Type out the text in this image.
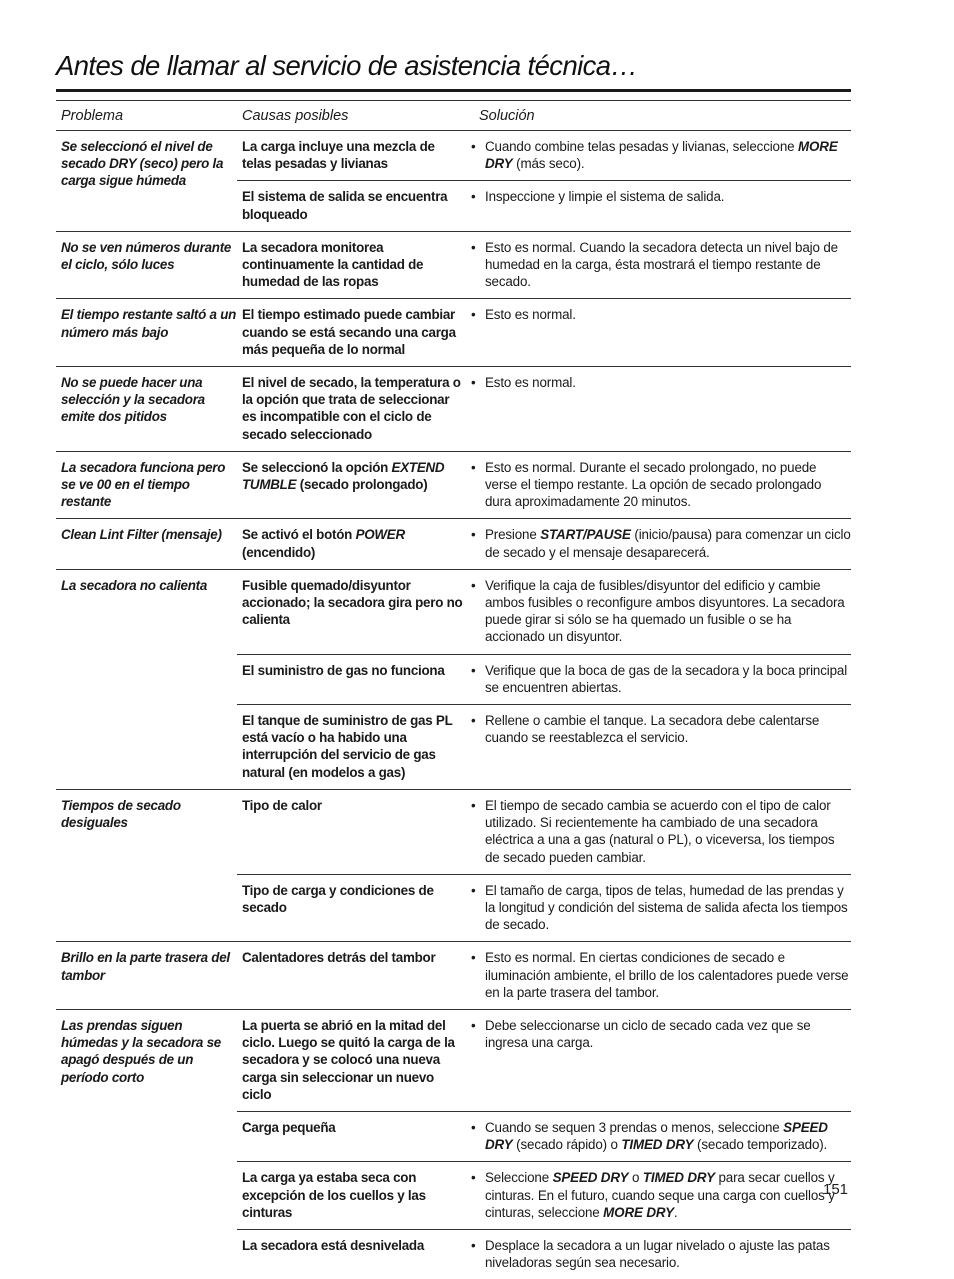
Antes de llamar al servicio de asistencia técnica…
Problema	Causas posibles	Solución
Se seleccionó el nivel de secado DRY (seco) pero la carga sigue húmeda	La carga incluye una mezcla de telas pesadas y livianas	• Cuando combine telas pesadas y livianas, seleccione MORE DRY (más seco).

	El sistema de salida se encuentra bloqueado	• Inspeccione y limpie el sistema de salida.

No se ven números durante el ciclo, sólo luces	La secadora monitorea continuamente la cantidad de humedad de las ropas	• Esto es normal. Cuando la secadora detecta un nivel bajo de humedad en la carga, ésta mostrará el tiempo restante de secado.

El tiempo restante saltó a un número más bajo	El tiempo estimado puede cambiar cuando se está secando una carga más pequeña de lo normal	• Esto es normal.

No se puede hacer una selección y la secadora emite dos pitidos	El nivel de secado, la temperatura o la opción que trata de seleccionar es incompatible con el ciclo de secado seleccionado	• Esto es normal.

La secadora funciona pero se ve 00 en el tiempo restante	Se seleccionó la opción EXTEND TUMBLE (secado prolongado)	• Esto es normal. Durante el secado prolongado, no puede verse el tiempo restante. La opción de secado prolongado dura aproximadamente 20 minutos.

Clean Lint Filter (mensaje)	Se activó el botón POWER (encendido)	• Presione START/PAUSE (inicio/pausa) para comenzar un ciclo de secado y el mensaje desaparecerá.

La secadora no calienta	Fusible quemado/disyuntor accionado; la secadora gira pero no calienta	• Verifique la caja de fusibles/disyuntor del edificio y cambie ambos fusibles o reconfigure ambos disyuntores. La secadora puede girar si sólo se ha quemado un fusible o se ha accionado un disyuntor.

	El suministro de gas no funciona	• Verifique que la boca de gas de la secadora y la boca principal se encuentren abiertas.

	El tanque de suministro de gas PL está vacío o ha habido una interrupción del servicio de gas natural (en modelos a gas)	• Rellene o cambie el tanque. La secadora debe calentarse cuando se reestablezca el servicio.

Tiempos de secado desiguales	Tipo de calor	• El tiempo de secado cambia se acuerdo con el tipo de calor utilizado. Si recientemente ha cambiado de una secadora eléctrica a una a gas (natural o PL), o viceversa, los tiempos de secado pueden cambiar.

	Tipo de carga y condiciones de secado	• El tamaño de carga, tipos de telas, humedad de las prendas y la longitud y condición del sistema de salida afecta los tiempos de secado.

Brillo en la parte trasera del tambor	Calentadores detrás del tambor	• Esto es normal. En ciertas condiciones de secado e iluminación ambiente, el brillo de los calentadores puede verse en la parte trasera del tambor.

Las prendas siguen húmedas y la secadora se apagó después de un período corto	La puerta se abrió en la mitad del ciclo. Luego se quitó la carga de la secadora y se colocó una nueva carga sin seleccionar un nuevo ciclo	• Debe seleccionarse un ciclo de secado cada vez que se ingresa una carga.

	Carga pequeña	• Cuando se sequen 3 prendas o menos, seleccione SPEED DRY (secado rápido) o TIMED DRY (secado temporizado).

	La carga ya estaba seca con excepción de los cuellos y las cinturas	• Seleccione SPEED DRY o TIMED DRY para secar cuellos y cinturas. En el futuro, cuando seque una carga con cuellos y cinturas, seleccione MORE DRY.

	La secadora está desnivelada	• Desplace la secadora a un lugar nivelado o ajuste las patas niveladoras según sea necesario.
151
